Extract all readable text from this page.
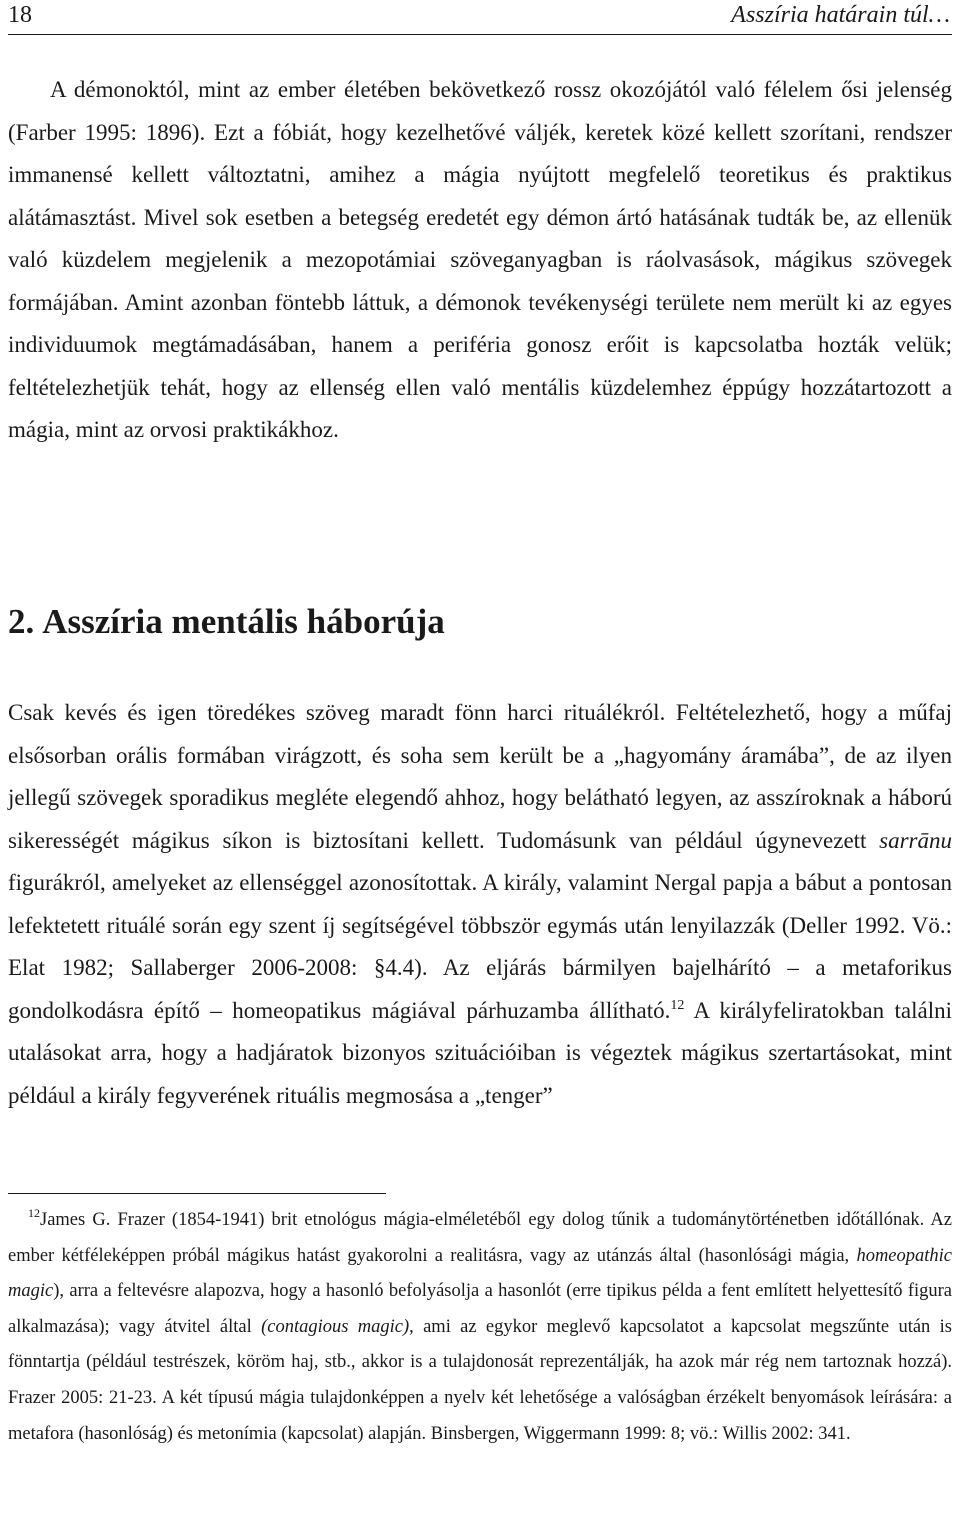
18	Asszíria határain túl…

A démonoktól, mint az ember életében bekövetkező rossz okozójától való félelem ősi jelenség (Farber 1995: 1896). Ezt a fóbiát, hogy kezelhetővé váljék, keretek közé kellett szorítani, rendszer immanensé kellett változtatni, amihez a mágia nyújtott megfelelő teoretikus és praktikus alátámasztást. Mivel sok esetben a betegség eredetét egy démon ártó hatásának tudták be, az ellenük való küzdelem megjelenik a mezopotámiai szöveganyagban is ráolvasások, mágikus szövegek formájában. Amint azonban föntebb láttuk, a démonok tevékenységi területe nem merült ki az egyes individuumok megtámadásában, hanem a periféria gonosz erőit is kapcsolatba hozták velük; feltételezhetjük tehát, hogy az ellenség ellen való mentális küzdelemhez éppúgy hozzátartozott a mágia, mint az orvosi praktikákhoz.

2. Asszíria mentális háborúja

Csak kevés és igen töredékes szöveg maradt fönn harci rituálékról. Feltételezhető, hogy a műfaj elsősorban orális formában virágzott, és soha sem került be a „hagyomány áramába”, de az ilyen jellegű szövegek sporadikus megléte elegendő ahhoz, hogy belátható legyen, az asszíroknak a háború sikerességét mágikus síkon is biztosítani kellett. Tudomásunk van például úgynevezett sarrānu figurákról, amelyeket az ellenséggel azonosítottak. A király, valamint Nergal papja a bábut a pontosan lefektetett rituálé során egy szent íj segítségével többször egymás után lenyilazzák (Deller 1992. Vö.: Elat 1982; Sallaberger 2006-2008: §4.4). Az eljárás bármilyen bajelhárító – a metaforikus gondolkodásra építő – homeopatikus mágiával párhuzamba állítható.$^{12}$ A királyfeliratokban találni utalásokat arra, hogy a hadjáratok bizonyos szituációiban is végeztek mágikus szertartásokat, mint például a király fegyverének rituális megmosása a „tenger”

$^{12}$James G. Frazer (1854-1941) brit etnológus mágia-elméletéből egy dolog tűnik a tudománytörténetben időtállónak. Az ember kétféleképpen próbál mágikus hatást gyakorolni a realitásra, vagy az utánzás által (hasonlósági mágia, homeopathic magic), arra a feltevésre alapozva, hogy a hasonló befolyásolja a hasonlót (erre tipikus példa a fent említett helyettesítő figura alkalmazása); vagy átvitel által (contagious magic), ami az egykor meglevő kapcsolatot a kapcsolat megszűnte után is fönntartja (például testrészek, köröm haj, stb., akkor is a tulajdonosát reprezentálják, ha azok már rég nem tartoznak hozzá). Frazer 2005: 21-23. A két típusú mágia tulajdonképpen a nyelv két lehetősége a valóságban érzékelt benyomások leírására: a metafora (hasonlóság) és metonímia (kapcsolat) alapján. Binsbergen, Wiggermann 1999: 8; vö.: Willis 2002: 341.
